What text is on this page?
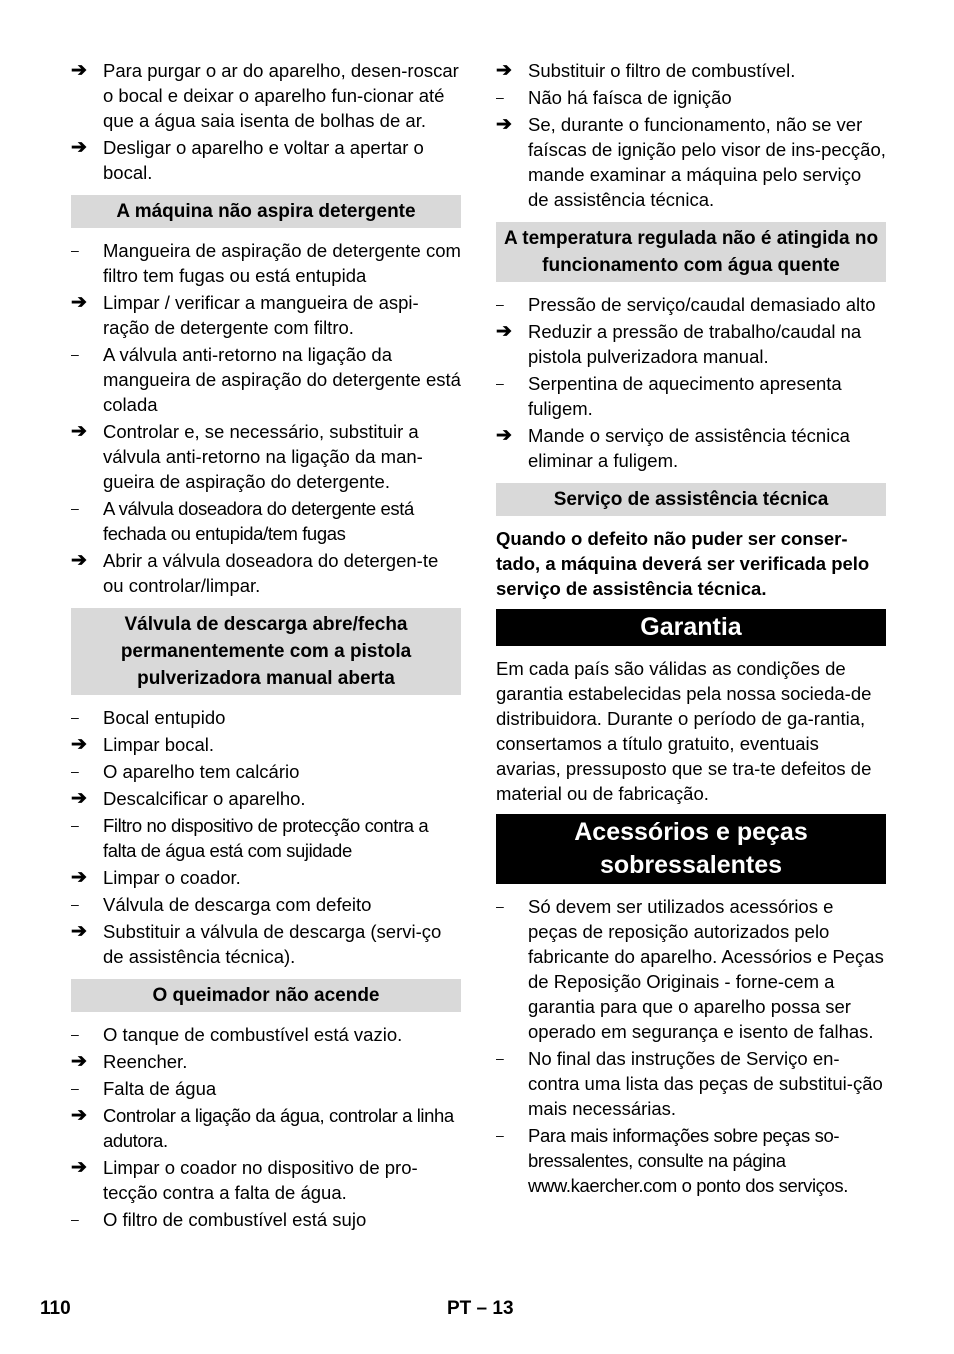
➔ Para purgar o ar do aparelho, desen-roscar o bocal e deixar o aparelho fun-cionar até que a água saia isenta de bolhas de ar.
➔ Desligar o aparelho e voltar a apertar o bocal.
A máquina não aspira detergente
–	Mangueira de aspiração de detergente com filtro tem fugas ou está entupida
➔ Limpar / verificar a mangueira de aspi-ração de detergente com filtro.
–	A válvula anti-retorno na ligação da mangueira de aspiração do detergente está colada
➔ Controlar e, se necessário, substituir a válvula anti-retorno na ligação da man-gueira de aspiração do detergente.
–	A válvula doseadora do detergente está fechada ou entupida/tem fugas
➔ Abrir a válvula doseadora do detergen-te ou controlar/limpar.
Válvula de descarga abre/fecha permanentemente com a pistola pulverizadora manual aberta
–	Bocal entupido
➔ Limpar bocal.
–	O aparelho tem calcário
➔ Descalcificar o aparelho.
–	Filtro no dispositivo de protecção contra a falta de água está com sujidade
➔ Limpar o coador.
–	Válvula de descarga com defeito
➔ Substituir a válvula de descarga (servi-ço de assistência técnica).
O queimador não acende
–	O tanque de combustível está vazio.
➔ Reencher.
–	Falta de água
➔ Controlar a ligação da água, controlar a linha adutora.
➔ Limpar o coador no dispositivo de pro-tecção contra a falta de água.
–	O filtro de combustível está sujo
➔ Substituir o filtro de combustível.
–	Não há faísca de ignição
➔ Se, durante o funcionamento, não se ver faíscas de ignição pelo visor de ins-pecção, mande examinar a máquina pelo serviço de assistência técnica.
A temperatura regulada não é atingida no funcionamento com água quente
–	Pressão de serviço/caudal demasiado alto
➔ Reduzir a pressão de trabalho/caudal na pistola pulverizadora manual.
–	Serpentina de aquecimento apresenta fuligem.
➔ Mande o serviço de assistência técnica eliminar a fuligem.
Serviço de assistência técnica
Quando o defeito não puder ser conser-tado, a máquina deverá ser verificada pelo serviço de assistência técnica.
Garantia
Em cada país são válidas as condições de garantia estabelecidas pela nossa socieda-de distribuidora. Durante o período de ga-rantia, consertamos a título gratuito, eventuais avarias, pressuposto que se tra-te defeitos de material ou de fabricação.
Acessórios e peças sobressalentes
–	Só devem ser utilizados acessórios e peças de reposição autorizados pelo fabricante do aparelho. Acessórios e Peças de Reposição Originais - forne-cem a garantia para que o aparelho possa ser operado em segurança e isento de falhas.
–	No final das instruções de Serviço en-contra uma lista das peças de substitui-ção mais necessárias.
–	Para mais informações sobre peças so-bressalentes, consulte na página www.kaercher.com o ponto dos serviços.
110	PT – 13
